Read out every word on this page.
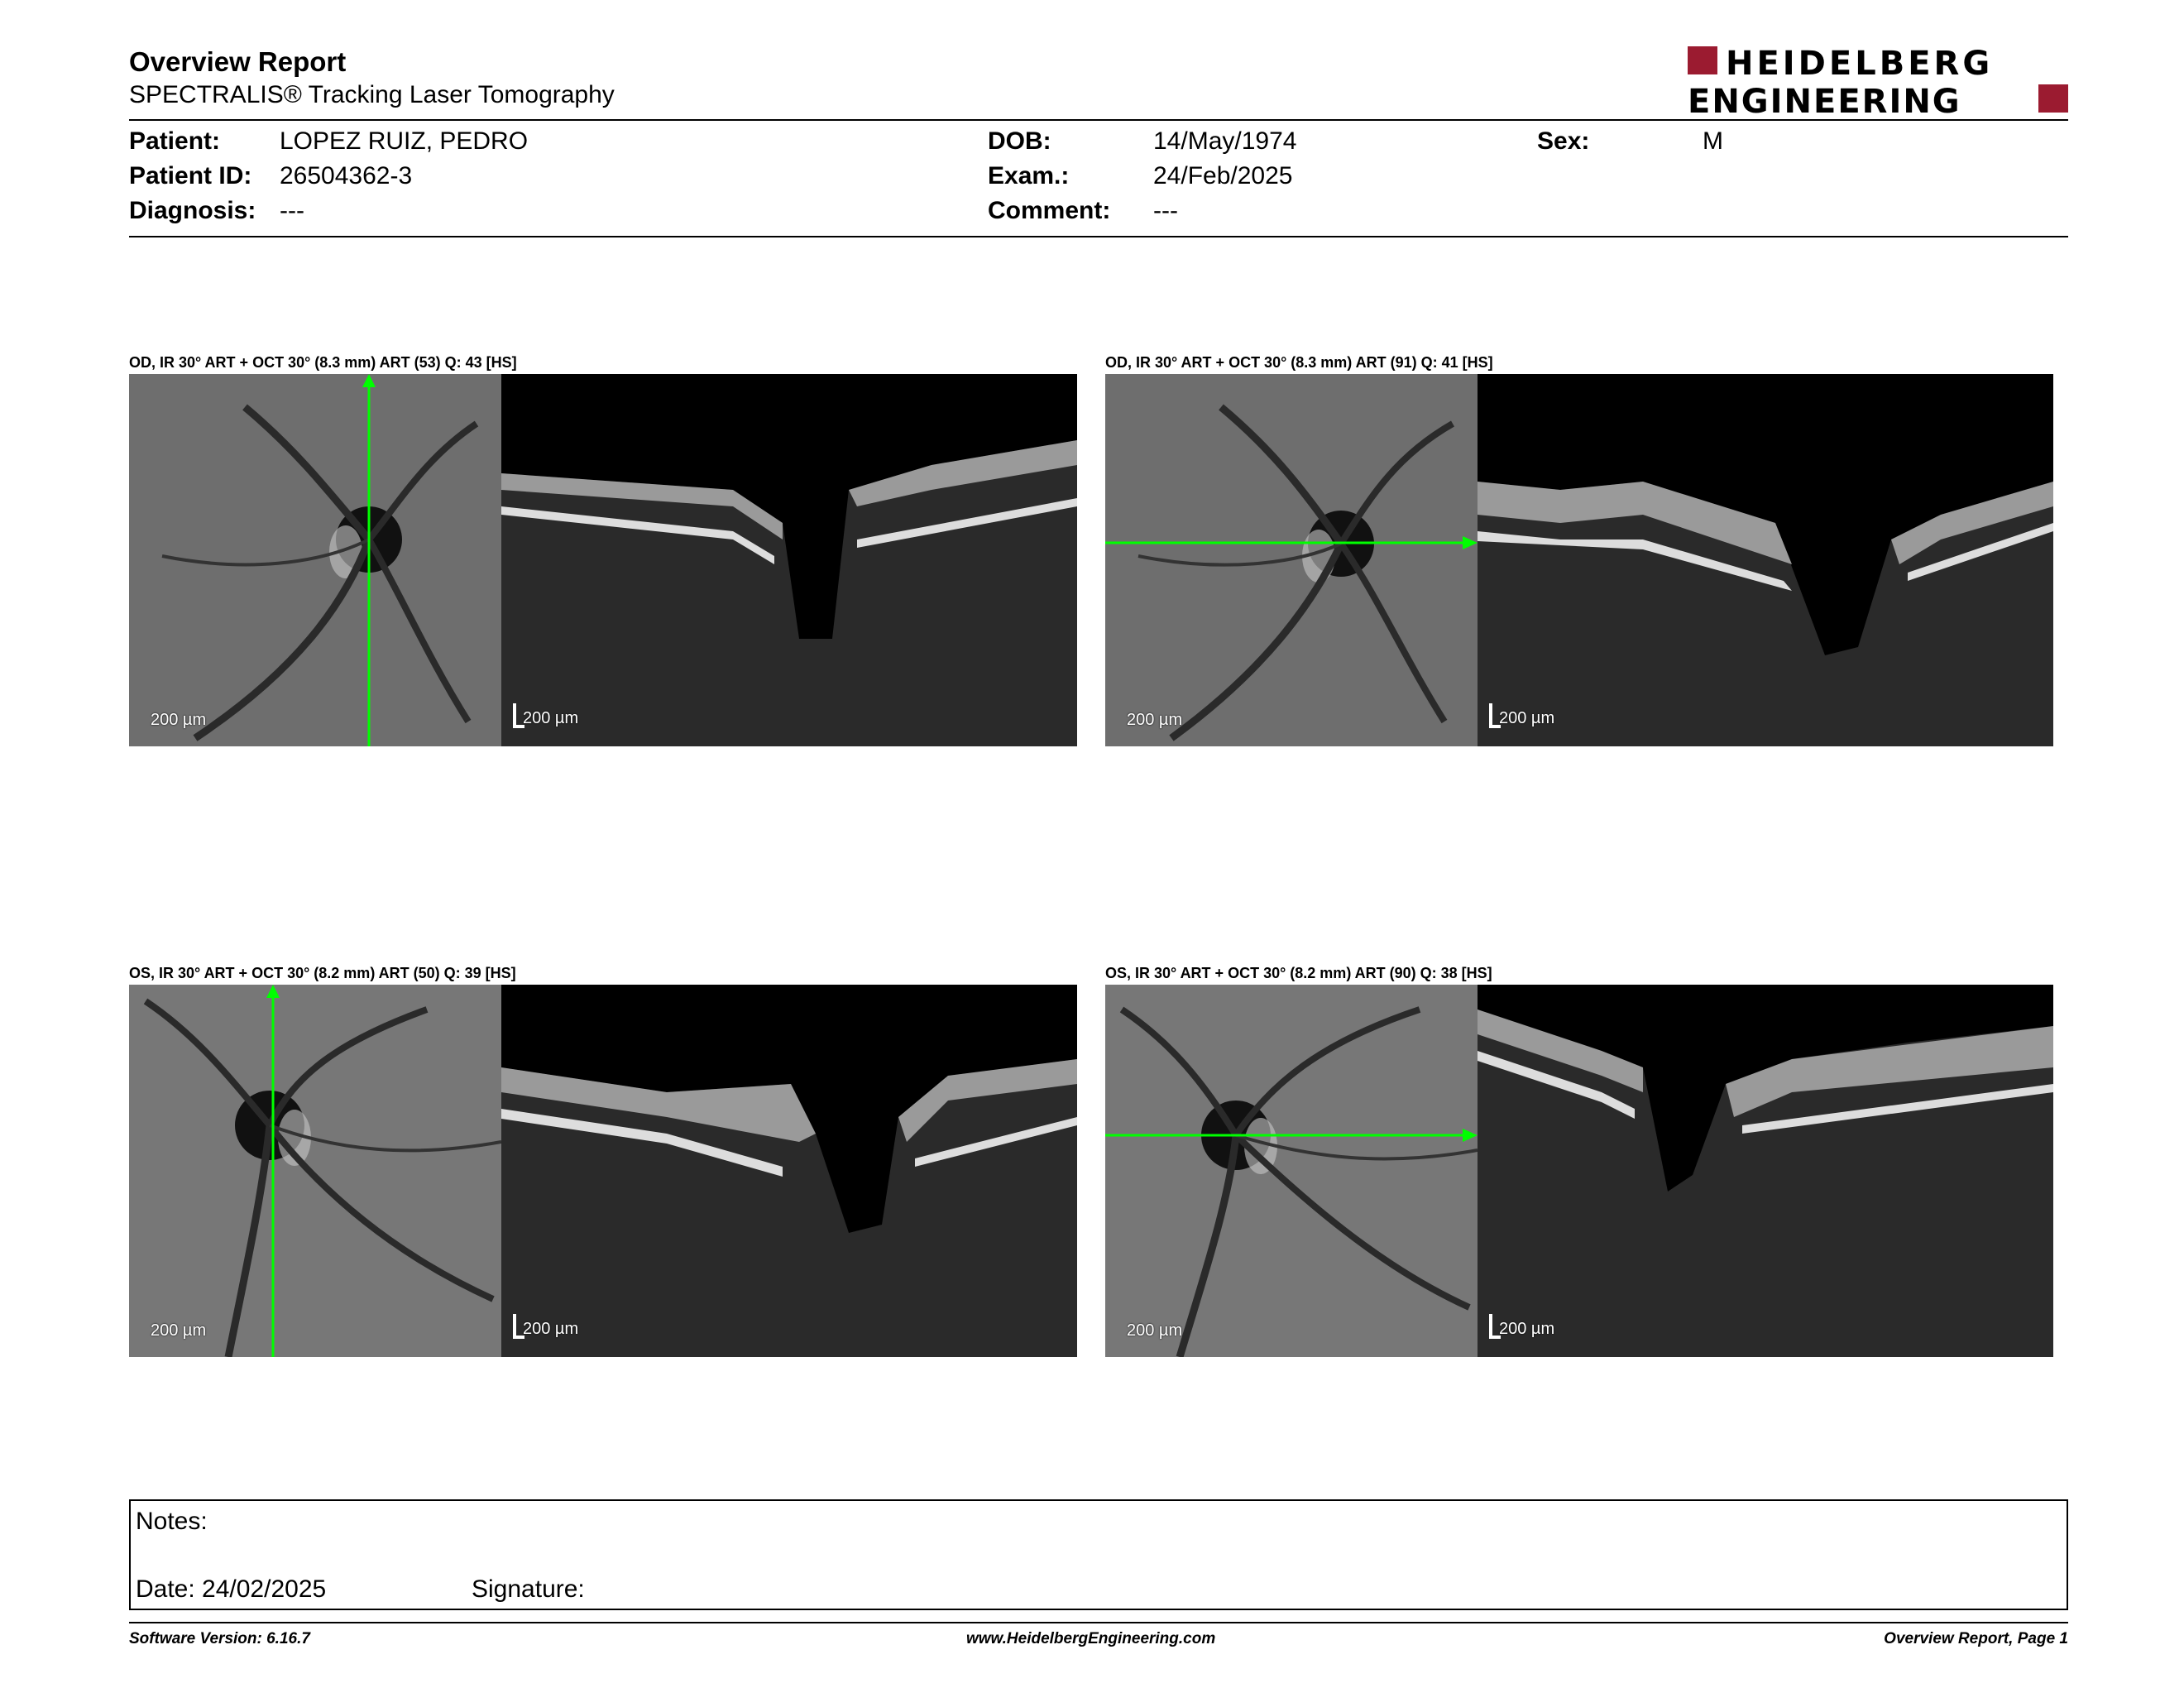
Overview Report
SPECTRALIS® Tracking Laser Tomography
HEIDELBERG
ENGINEERING
Patient: LOPEZ RUIZ, PEDRO
Patient ID: 26504362-3
Diagnosis: ---
DOB:	14/May/1974
Exam.:	24/Feb/2025
Comment: ---
Sex:	M
OD, IR 30° ART + OCT 30° (8.3 mm) ART (53) Q: 43 [HS]
200 µm	200 µm
OD, IR 30° ART + OCT 30° (8.3 mm) ART (91) Q: 41 [HS]
200 µm	200 µm
OS, IR 30° ART + OCT 30° (8.2 mm) ART (50) Q: 39 [HS]
200 µm	200 µm
OS, IR 30° ART + OCT 30° (8.2 mm) ART (90) Q: 38 [HS]
200 µm	200 µm
Notes:
Date: 24/02/2025	Signature:
Software Version: 6.16.7	www.HeidelbergEngineering.com	Overview Report, Page 1
